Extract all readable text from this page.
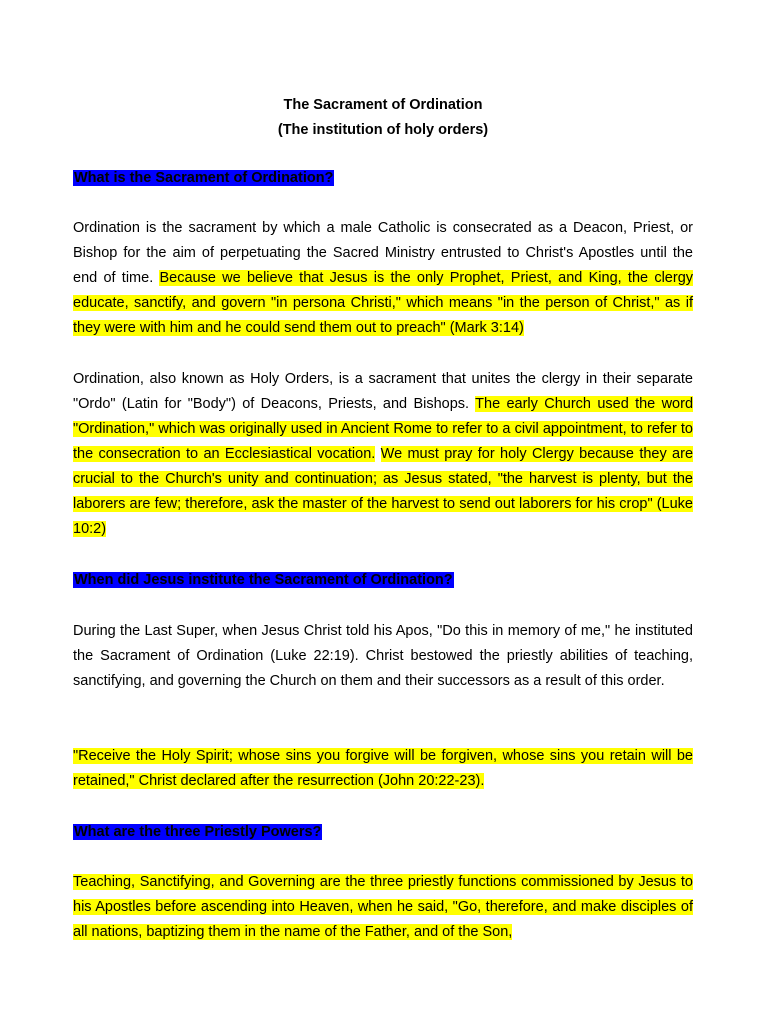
The Sacrament of Ordination
(The institution of holy orders)
What is the Sacrament of Ordination?

Ordination is the sacrament by which a male Catholic is consecrated as a Deacon, Priest, or Bishop for the aim of perpetuating the Sacred Ministry entrusted to Christ's Apostles until the end of time. Because we believe that Jesus is the only Prophet, Priest, and King, the clergy educate, sanctify, and govern "in persona Christi," which means "in the person of Christ," as if they were with him and he could send them out to preach" (Mark 3:14)

Ordination, also known as Holy Orders, is a sacrament that unites the clergy in their separate "Ordo" (Latin for "Body") of Deacons, Priests, and Bishops. The early Church used the word "Ordination," which was originally used in Ancient Rome to refer to a civil appointment, to refer to the consecration to an Ecclesiastical vocation. We must pray for holy Clergy because they are crucial to the Church's unity and continuation; as Jesus stated, "the harvest is plenty, but the laborers are few; therefore, ask the master of the harvest to send out laborers for his crop" (Luke 10:2)

When did Jesus institute the Sacrament of Ordination?

During the Last Super, when Jesus Christ told his Apos, "Do this in memory of me," he instituted the Sacrament of Ordination (Luke 22:19). Christ bestowed the priestly abilities of teaching, sanctifying, and governing the Church on them and their successors as a result of this order.

"Receive the Holy Spirit; whose sins you forgive will be forgiven, whose sins you retain will be retained," Christ declared after the resurrection (John 20:22-23).

What are the three Priestly Powers?

Teaching, Sanctifying, and Governing are the three priestly functions commissioned by Jesus to his Apostles before ascending into Heaven, when he said, "Go, therefore, and make disciples of all nations, baptizing them in the name of the Father, and of the Son,
